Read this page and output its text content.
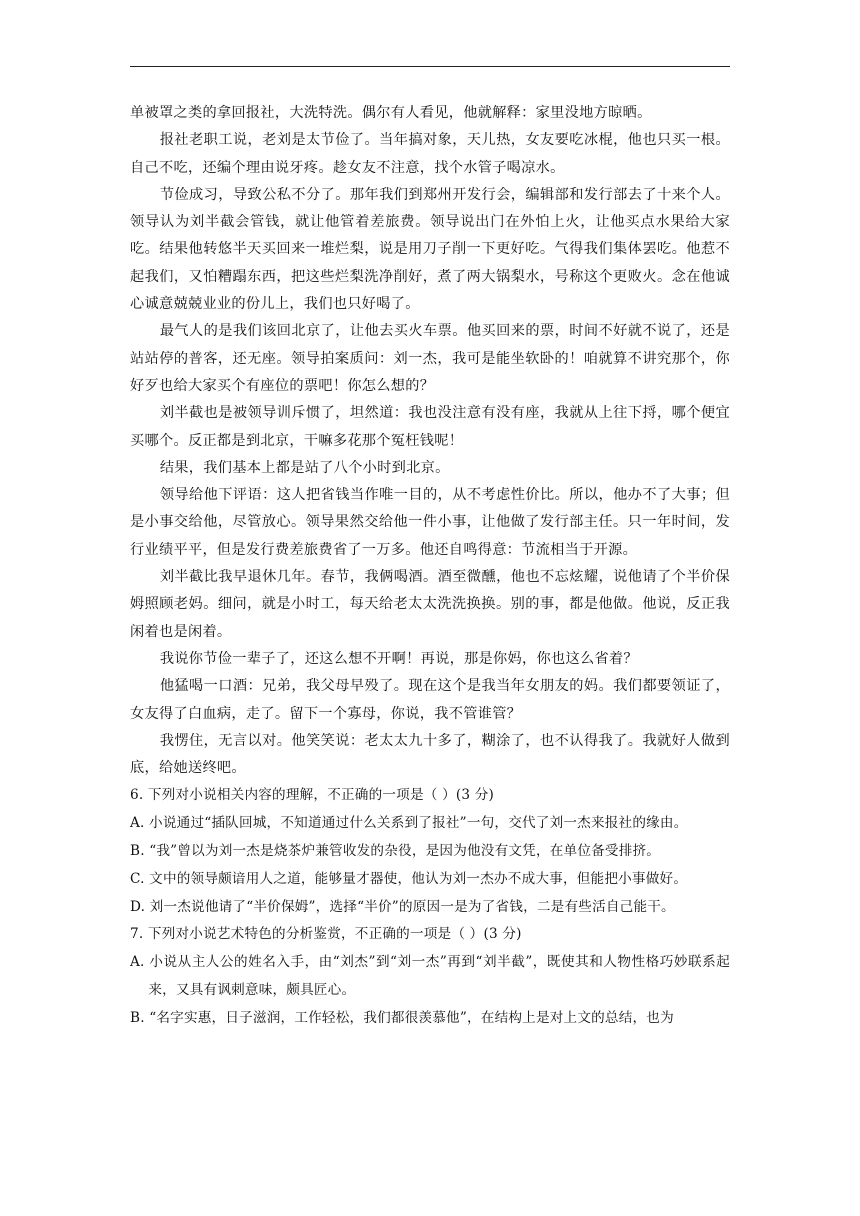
单被罩之类的拿回报社，大洗特洗。偶尔有人看见，他就解释：家里没地方晾晒。

报社老职工说，老刘是太节俭了。当年搞对象，天儿热，女友要吃冰棍，他也只买一根。自己不吃，还编个理由说牙疼。趁女友不注意，找个水管子喝凉水。

节俭成习，导致公私不分了。那年我们到郑州开发行会，编辑部和发行部去了十来个人。领导认为刘半截会管钱，就让他管着差旅费。领导说出门在外怕上火，让他买点水果给大家吃。结果他转悠半天买回来一堆烂梨，说是用刀子削一下更好吃。气得我们集体罢吃。他惹不起我们，又怕糟蹋东西，把这些烂梨洗净削好，煮了两大锅梨水，号称这个更败火。念在他诚心诚意兢兢业业的份儿上，我们也只好喝了。

最气人的是我们该回北京了，让他去买火车票。他买回来的票，时间不好就不说了，还是站站停的普客，还无座。领导拍案质问：刘一杰，我可是能坐软卧的！咱就算不讲究那个，你好歹也给大家买个有座位的票吧！你怎么想的？

刘半截也是被领导训斥惯了，坦然道：我也没注意有没有座，我就从上往下捋，哪个便宜买哪个。反正都是到北京，干嘛多花那个冤枉钱呢！

结果，我们基本上都是站了八个小时到北京。

领导给他下评语：这人把省钱当作唯一目的，从不考虑性价比。所以，他办不了大事；但是小事交给他，尽管放心。领导果然交给他一件小事，让他做了发行部主任。只一年时间，发行业绩平平，但是发行费差旅费省了一万多。他还自鸣得意：节流相当于开源。

刘半截比我早退休几年。春节，我俩喝酒。酒至微醺，他也不忘炫耀，说他请了个半价保姆照顾老妈。细问，就是小时工，每天给老太太洗洗换换。别的事，都是他做。他说，反正我闲着也是闲着。

我说你节俭一辈子了，还这么想不开啊！再说，那是你妈，你也这么省着？

他猛喝一口酒：兄弟，我父母早殁了。现在这个是我当年女朋友的妈。我们都要领证了，女友得了白血病，走了。留下一个寡母，你说，我不管谁管？

我愣住，无言以对。他笑笑说：老太太九十多了，糊涂了，也不认得我了。我就好人做到底，给她送终吧。

6. 下列对小说相关内容的理解，不正确的一项是（ ）(3 分)

A. 小说通过“插队回城，不知道通过什么关系到了报社”一句，交代了刘一杰来报社的缘由。

B. “我”曾以为刘一杰是烧茶炉兼管收发的杂役，是因为他没有文凭，在单位备受排挤。

C. 文中的领导颇谙用人之道，能够量才器使，他认为刘一杰办不成大事，但能把小事做好。

D. 刘一杰说他请了“半价保姆”，选择“半价”的原因一是为了省钱，二是有些活自己能干。

7. 下列对小说艺术特色的分析鉴赏，不正确的一项是（ ）(3 分)

A. 小说从主人公的姓名入手，由“刘杰”到“刘一杰”再到“刘半截”，既使其和人物性格巧妙联系起来，又具有讽刺意味，颇具匠心。

B. “名字实惠，日子滋润，工作轻松，我们都很羡慕他”，在结构上是对上文的总结，也为
